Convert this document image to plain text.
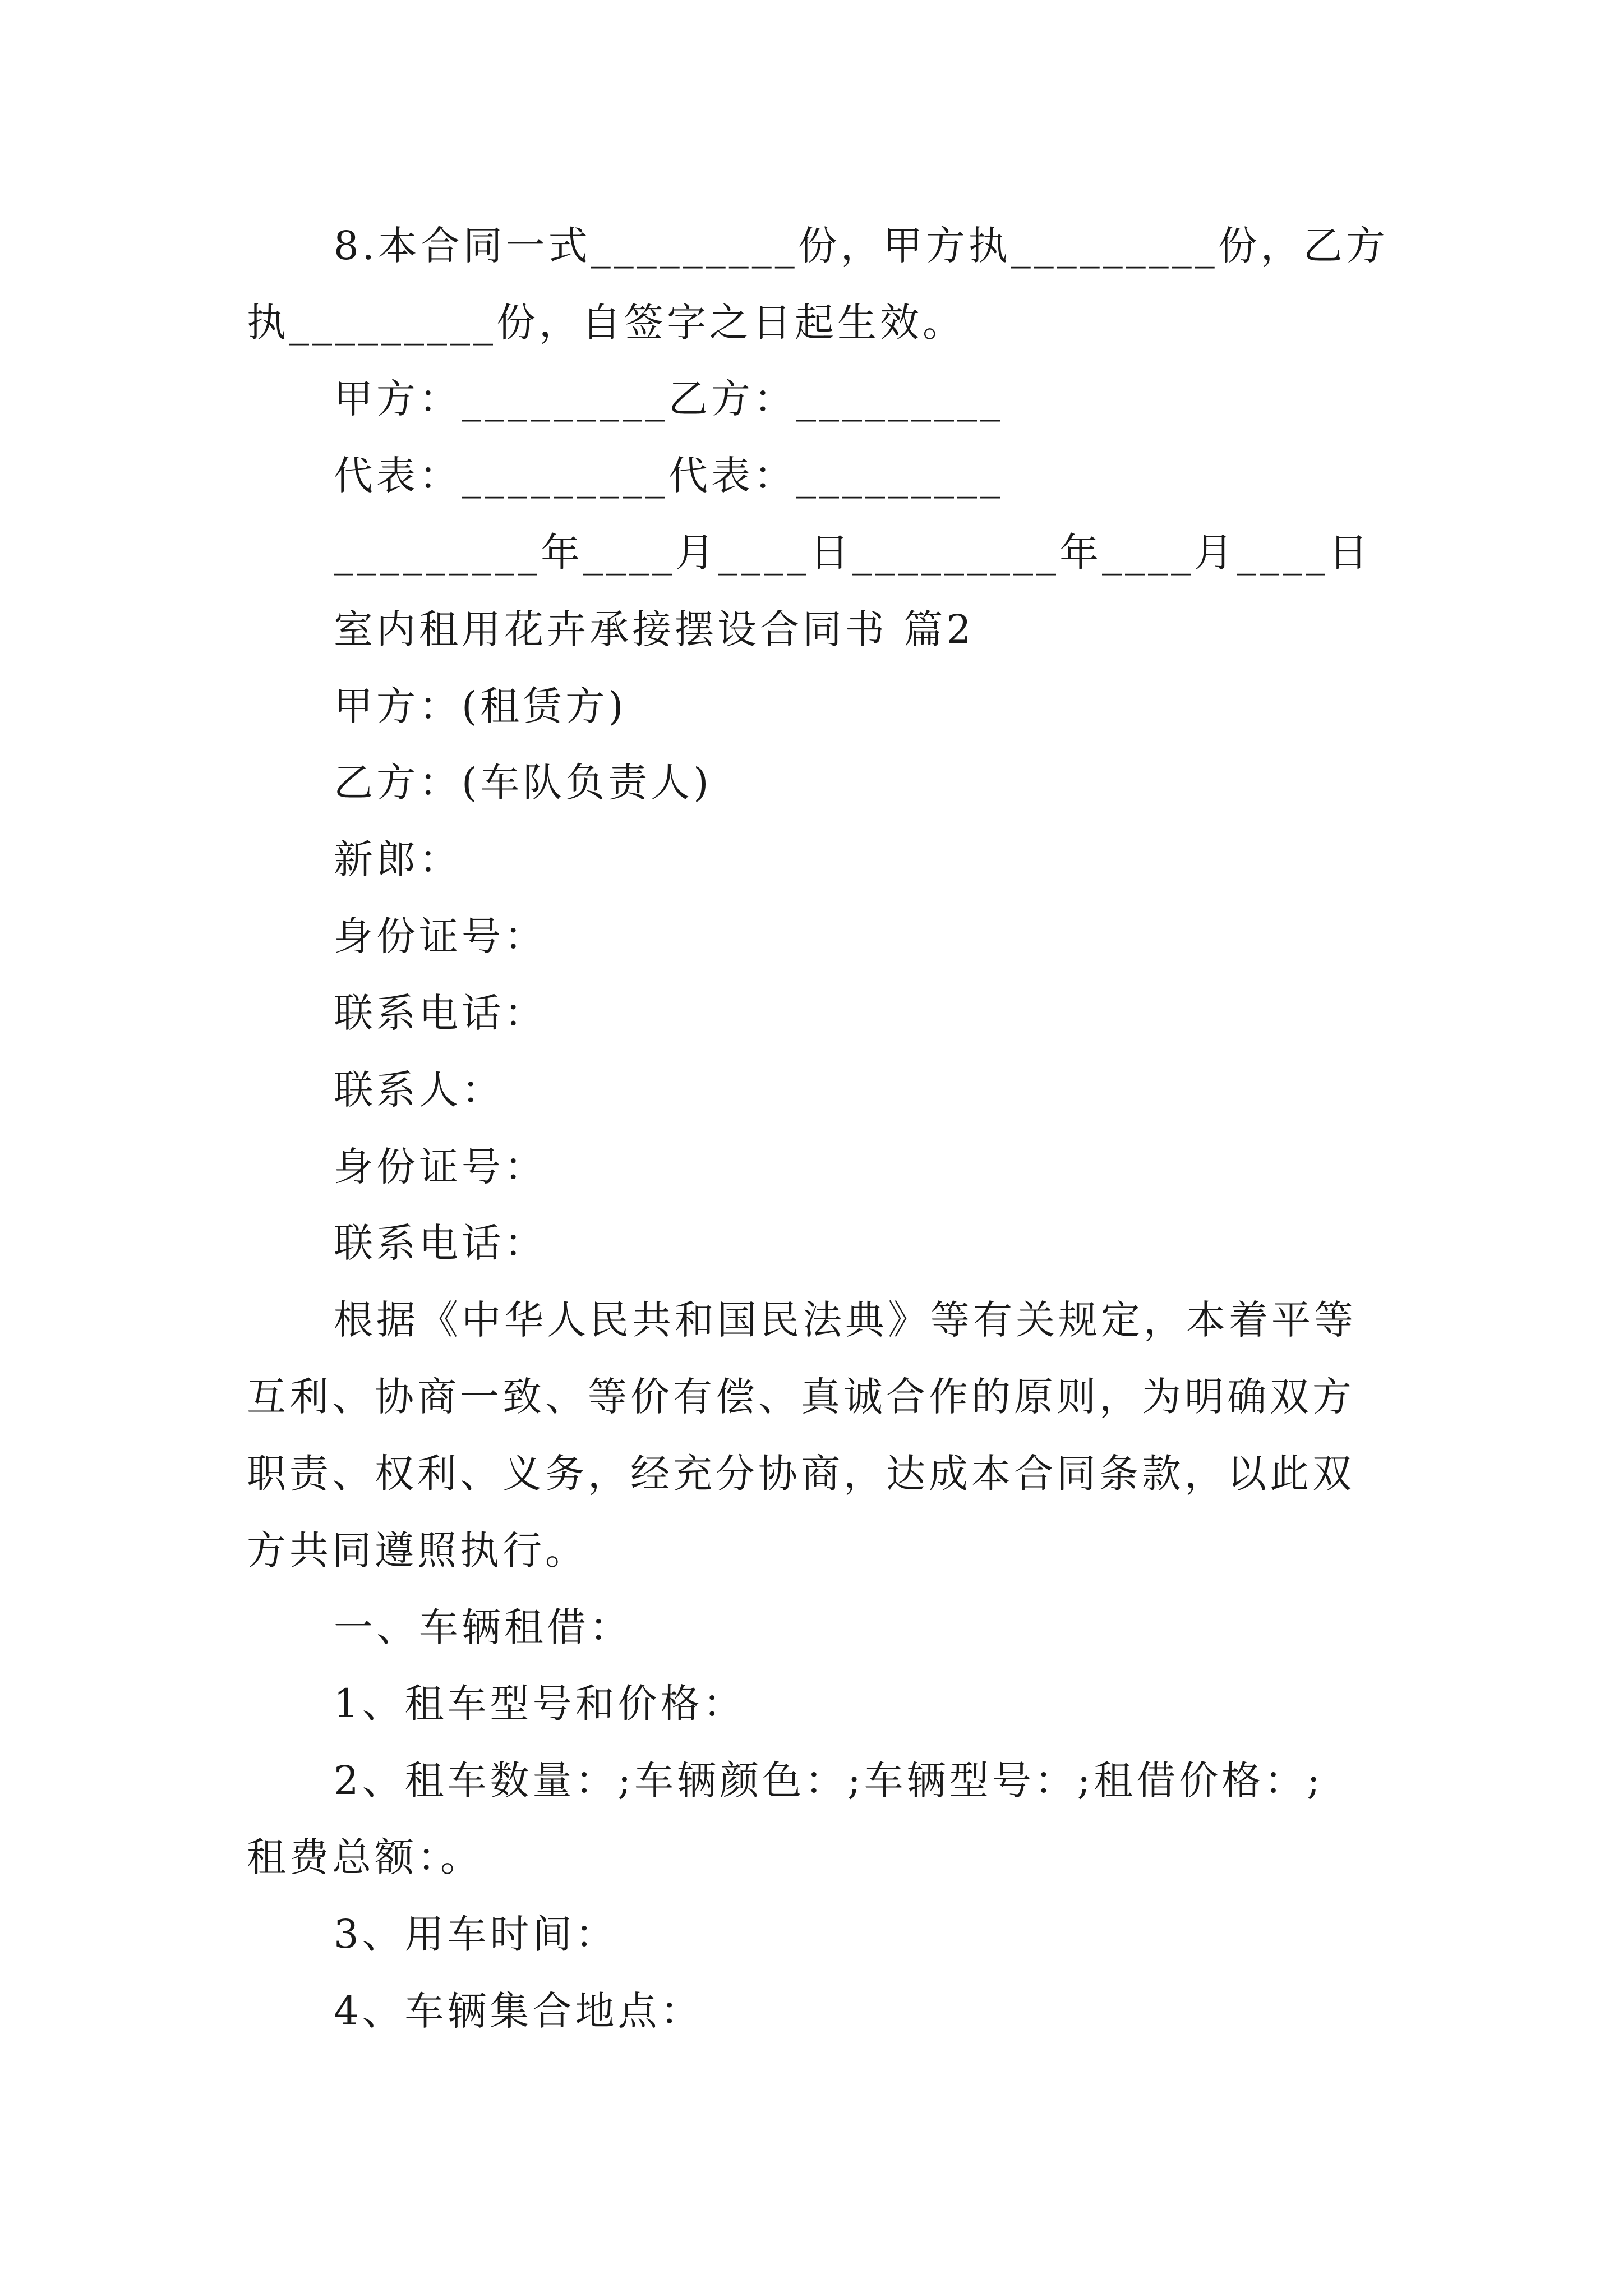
8.本合同一式_________份，甲方执_________份，乙方
执_________份，自签字之日起生效。
甲方：_________乙方：_________
代表：_________代表：_________
_________年____月____日_________年____月____日
室内租用花卉承接摆设合同书 篇2
甲方：(租赁方)
乙方：(车队负责人)
新郎：
身份证号：
联系电话：
联系人：
身份证号：
联系电话：
根据《中华人民共和国民法典》等有关规定，本着平等
互利、协商一致、等价有偿、真诚合作的原则，为明确双方
职责、权利、义务，经充分协商，达成本合同条款，以此双
方共同遵照执行。
一、车辆租借：
1、租车型号和价格：
2、租车数量：;车辆颜色：;车辆型号：;租借价格：;
租费总额：。
3、用车时间：
4、车辆集合地点：
